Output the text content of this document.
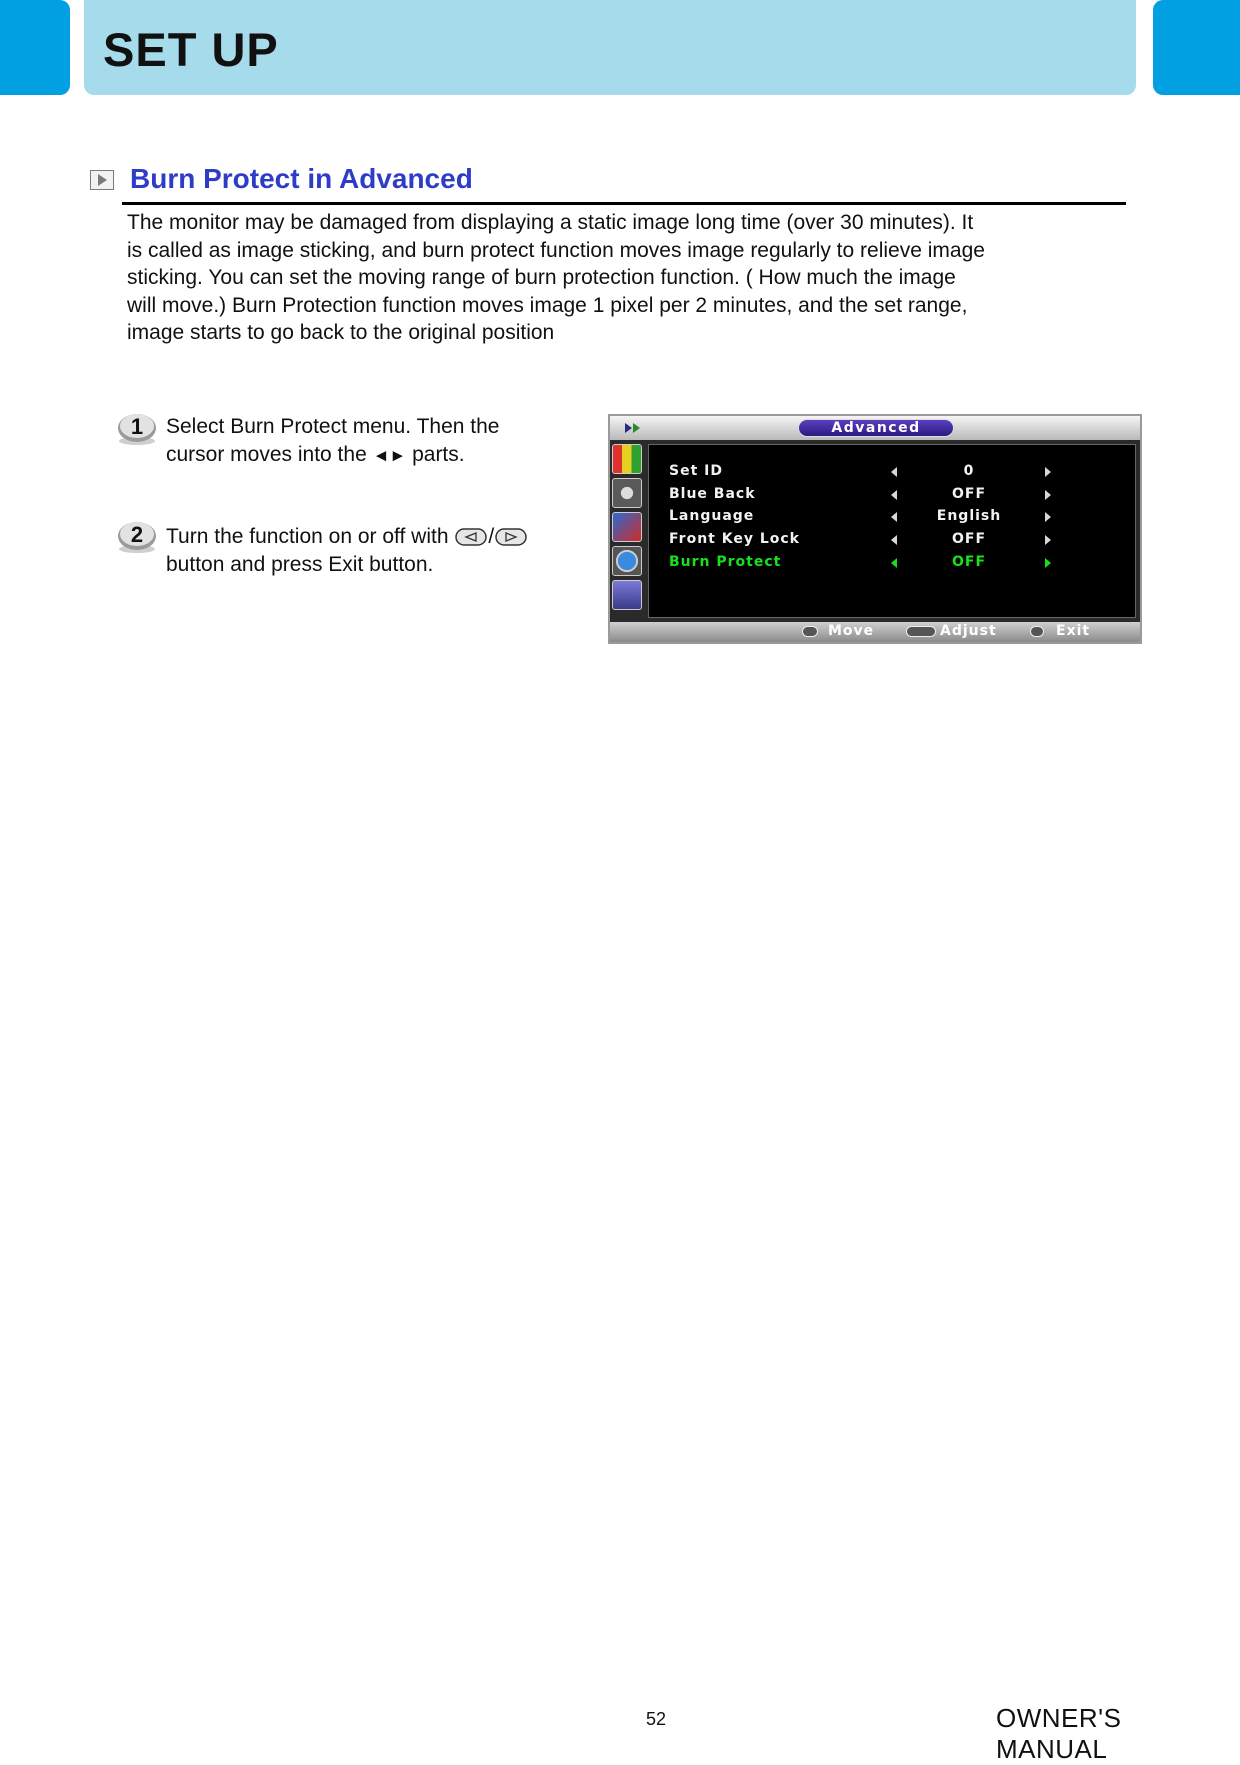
SET UP
Burn Protect in Advanced
The monitor may be damaged from displaying a static image long time (over 30 minutes). It
is called as image sticking, and burn protect function moves image regularly to relieve image
sticking. You can set the moving range of burn protection function. ( How much the image
will move.) Burn Protection function moves image 1 pixel per 2 minutes, and the set range,
image starts to go back to the original position
1 Select Burn Protect menu. Then the
cursor moves into the ◄► parts.
2 Turn the function on or off with /
button and press Exit button.
Advanced
Set ID	0
Blue Back	OFF
Language	English
Front Key Lock	OFF
Burn Protect	OFF
Move	Adjust	Exit
52	OWNER'S MANUAL
